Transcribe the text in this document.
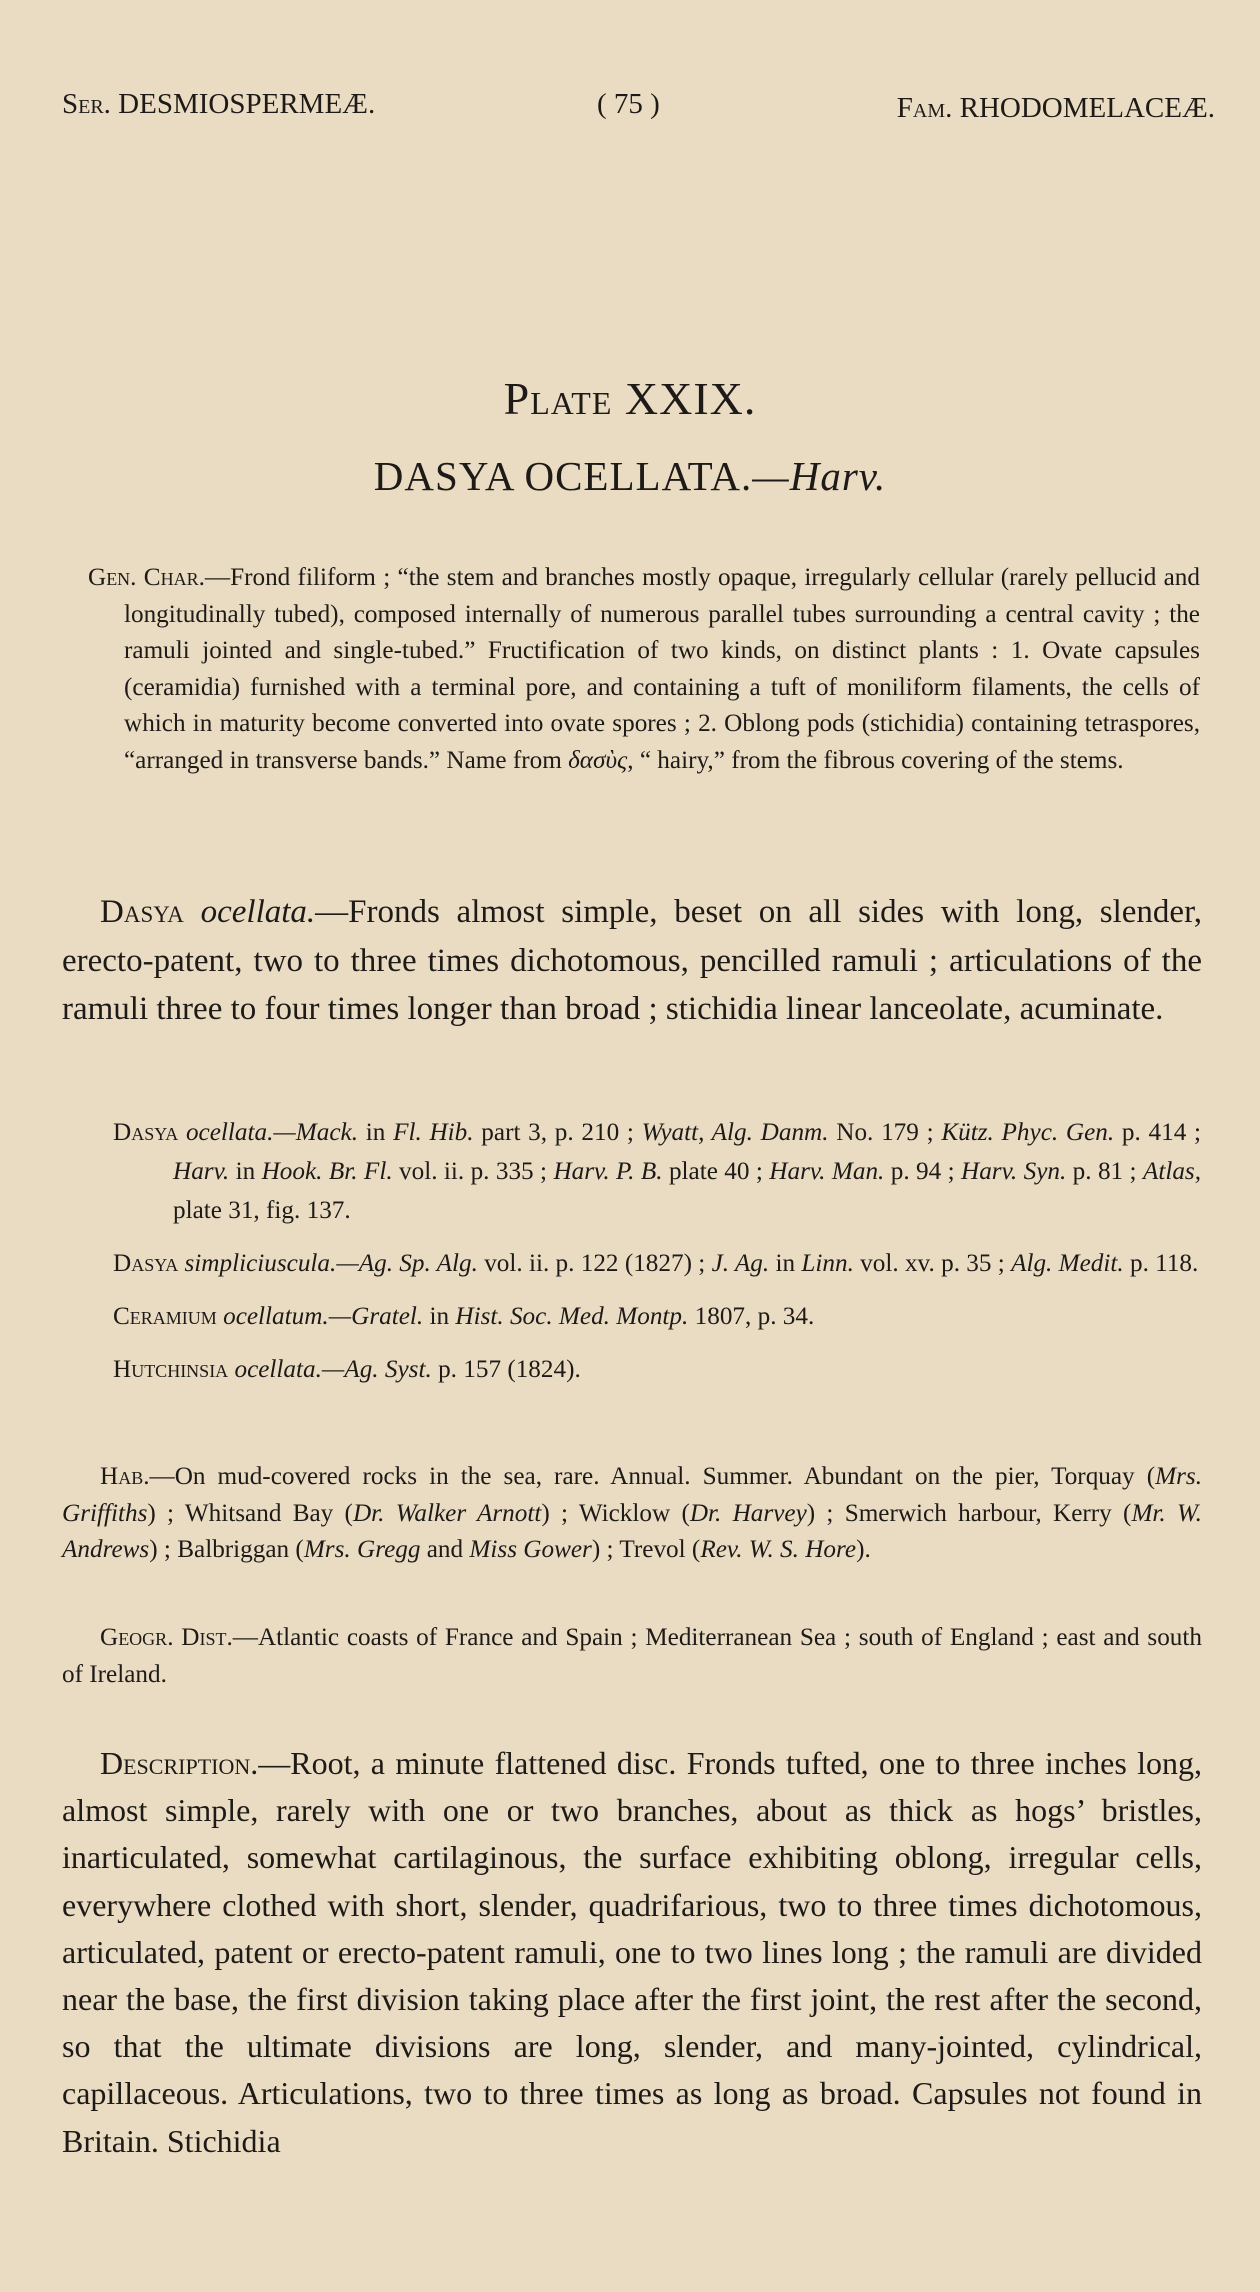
Ser. DESMIOSPERMEÆ.	( 75 )	Fam. RHODOMELACEÆ.
Plate XXIX.
DASYA OCELLATA.—Harv.
Gen. Char.—Frond filiform ; “the stem and branches mostly opaque, irregularly cellular (rarely pellucid and longitudinally tubed), composed internally of numerous parallel tubes surrounding a central cavity ; the ramuli jointed and single-tubed.” Fructification of two kinds, on distinct plants : 1. Ovate capsules (ceramidia) furnished with a terminal pore, and containing a tuft of moniliform filaments, the cells of which in maturity become converted into ovate spores ; 2. Oblong pods (stichidia) containing tetraspores, “arranged in transverse bands.” Name from δασὺς, “ hairy,” from the fibrous covering of the stems.
Dasya ocellata.—Fronds almost simple, beset on all sides with long, slender, erecto-patent, two to three times dichotomous, pencilled ramuli ; articulations of the ramuli three to four times longer than broad ; stichidia linear lanceolate, acuminate.
Dasya ocellata.—Mack. in Fl. Hib. part 3, p. 210 ; Wyatt, Alg. Danm. No. 179 ; Kütz. Phyc. Gen. p. 414 ; Harv. in Hook. Br. Fl. vol. ii. p. 335 ; Harv. P. B. plate 40 ; Harv. Man. p. 94 ; Harv. Syn. p. 81 ; Atlas, plate 31, fig. 137.
Dasya simpliciuscula.—Ag. Sp. Alg. vol. ii. p. 122 (1827) ; J. Ag. in Linn. vol. xv. p. 35 ; Alg. Medit. p. 118.
Ceramium ocellatum.—Gratel. in Hist. Soc. Med. Montp. 1807, p. 34.
Hutchinsia ocellata.—Ag. Syst. p. 157 (1824).
Hab.—On mud-covered rocks in the sea, rare. Annual. Summer. Abundant on the pier, Torquay (Mrs. Griffiths) ; Whitsand Bay (Dr. Walker Arnott) ; Wicklow (Dr. Harvey) ; Smerwich harbour, Kerry (Mr. W. Andrews) ; Balbriggan (Mrs. Gregg and Miss Gower) ; Trevol (Rev. W. S. Hore).
Geogr. Dist.—Atlantic coasts of France and Spain ; Mediterranean Sea ; south of England ; east and south of Ireland.
Description.—Root, a minute flattened disc. Fronds tufted, one to three inches long, almost simple, rarely with one or two branches, about as thick as hogs’ bristles, inarticulated, somewhat cartilaginous, the surface exhibiting oblong, irregular cells, everywhere clothed with short, slender, quadrifarious, two to three times dichotomous, articulated, patent or erecto-patent ramuli, one to two lines long ; the ramuli are divided near the base, the first division taking place after the first joint, the rest after the second, so that the ultimate divisions are long, slender, and many-jointed, cylindrical, capillaceous. Articulations, two to three times as long as broad. Capsules not found in Britain. Stichidia
